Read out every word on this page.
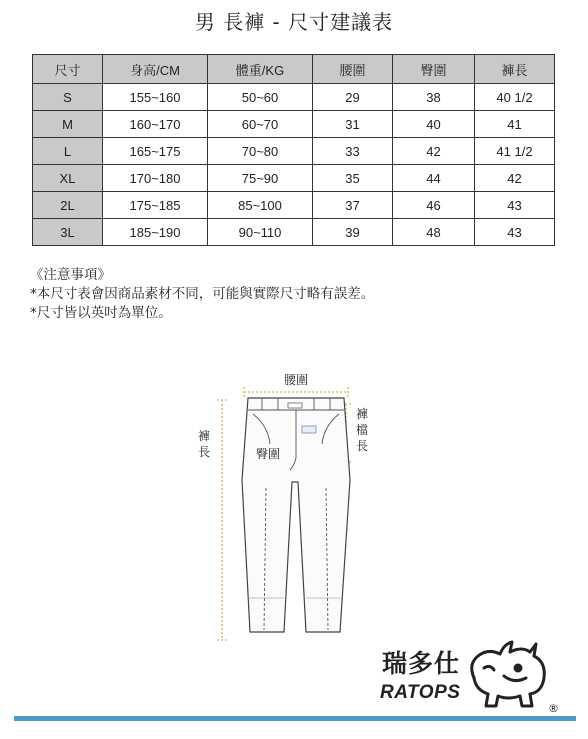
男 長褲 - 尺寸建議表
尺寸	身高/CM	體重/KG	腰圍	臀圍	褲長
S	155~160	50~60	29	38	40 1/2
M	160~170	60~70	31	40	41
L	165~175	70~80	33	42	41 1/2
XL	170~180	75~90	35	44	42
2L	175~185	85~100	37	46	43
3L	185~190	90~110	39	48	43
《注意事項》
*本尺寸表會因商品素材不同，可能與實際尺寸略有誤差。
*尺寸皆以英吋為單位。
腰圍
臀圍
褲
長
褲
檔
長
瑞多仕
RATOPS
®
